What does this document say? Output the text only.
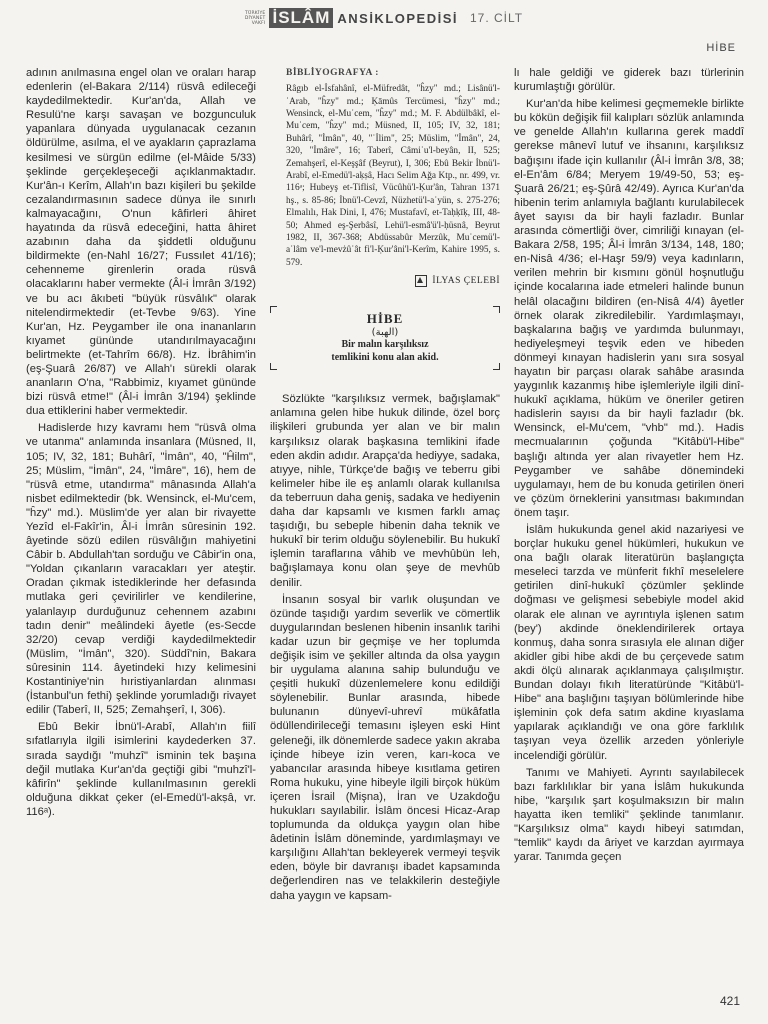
TÜRKİYE
DİYANET
VAKFI İSLÂM ANSİKLOPEDİSİ 17. CİLT
HİBE

adının anılmasına engel olan ve oraları harap edenlerin (el-Bakara 2/114) rüsvâ edileceği kaydedilmektedir. Kur'an'da, Allah ve Resulü'ne karşı savaşan ve bozgunculuk yapanlara dünyada uygulanacak cezanın öldürülme, asılma, el ve ayakların çaprazlama kesilmesi ve sürgün edilme (el-Mâide 5/33) şeklinde gerçekleşeceği açıklanmaktadır. Kur'ân-ı Kerîm, Allah'ın bazı kişileri bu şekilde cezalandırmasının sadece dünya ile sınırlı kalmayacağını, O'nun kâfirleri âhiret hayatında da rüsvâ edeceğini, hatta âhiret azabının daha da şiddetli olduğunu bildirmekte (en-Nahl 16/27; Fussılet 41/16); cehenneme girenlerin orada rüsvâ olacaklarını haber vermekte (Âl-i İmrân 3/192) ve bu acı âkıbeti "büyük rüsvâlık" olarak nitelendirmektedir (et-Tevbe 9/63). Yine Kur'an, Hz. Peygamber ile ona inananların kıyamet gününde utandırılmayacağını belirtmekte (et-Tahrîm 66/8). Hz. İbrâhim'in (eş-Şuarâ 26/87) ve Allah'ı sürekli olarak ananların O'na, "Rabbimiz, kıyamet gününde bizi rüsvâ etme!" (Âl-i İmrân 3/194) şeklinde dua ettiklerini haber vermektedir.

Hadislerde hızy kavramı hem "rüsvâ olma ve utanma" anlamında insanlara (Müsned, II, 105; IV, 32, 181; Buhârî, "İmân", 40, "Ĥilm", 25; Müslim, "İmân", 24, "İmâre", 16), hem de "rüsvâ etme, utandırma" mânasında Allah'a nisbet edilmektedir (bk. Wensinck, el-Mu'cem, "ĥzy" md.). Müslim'de yer alan bir rivayette Yezîd el-Fakîr'in, Âl-i İmrân sûresinin 192. âyetinde sözü edilen rüsvâlığın mahiyetini Câbir b. Abdullah'tan sorduğu ve Câbir'in ona, "Yoldan çıkanların varacakları yer ateştir. Oradan çıkmak istediklerinde her defasında mutlaka geri çevirilirler ve kendilerine, yalanlayıp durduğunuz cehennem azabını tadın denir" meâlindeki âyetle (es-Secde 32/20) cevap verdiği kaydedilmektedir (Müslim, "İmân", 320). Süddî'nin, Bakara sûresinin 114. âyetindeki hızy kelimesini Kostantiniye'nin hıristiyanlardan alınması (İstanbul'un fethi) şeklinde yorumladığı rivayet edilir (Taberî, II, 525; Zemahşerî, I, 306).

Ebû Bekir İbnü'l-Arabî, Allah'ın fiilî sıfatlarıyla ilgili isimlerini kaydederken 37. sırada saydığı "muhzî" isminin tek başına değil mutlaka Kur'an'da geçtiği gibi "muhzî'l-kâfirîn" şeklinde kullanılmasının gerekli olduğuna dikkat çeker (el-Emedü'l-akṣâ, vr. 116ᵃ).

BİBLİYOGRAFYA :
Râgıb el-İsfahânî, el-Müfredât, "ĥzy" md.; Lisânü'l-ʿArab, "ĥzy" md.; Ḳāmûs Tercümesi, "ĥzy" md.; Wensinck, el-Muʿcem, "ĥzy" md.; M. F. Abdülbâkî, el-Muʿcem, "ĥzy" md.; Müsned, II, 105; IV, 32, 181; Buhârî, "İmân", 40, "ʿİlim", 25; Müslim, "İmân", 24, 320, "İmâre", 16; Taberî, Câmiʿu'l-beyân, II, 525; Zemahşerî, el-Keşşâf (Beyrut), I, 306; Ebû Bekir İbnü'l-Arabî, el-Emedü'l-aḳṣâ, Hacı Selim Ağa Ktp., nr. 499, vr. 116ᵃ; Hubeyş et-Tiflisî, Vücûhü'l-Ḳur'ân, Tahran 1371 hş., s. 85-86; İbnü'l-Cevzî, Nüzhetü'l-aʿyün, s. 275-276; Elmalılı, Hak Dini, I, 476; Mustafavî, et-Taḥḳīḳ, III, 48-50; Ahmed eş-Şerbâsî, Lehü'l-esmâ'ü'l-ḥüsnâ, Beyrut 1982, II, 367-368; Abdüssabûr Merzûk, Muʿcemü'l-aʿlâm ve'l-mevżûʿât fi'l-Ḳur'âni'l-Kerîm, Kahire 1995, s. 579.
İLYAS ÇELEBİ
HİBE
(الهبة)
Bir malın karşılıksız
temlikini konu alan akid.

Sözlükte "karşılıksız vermek, bağışlamak" anlamına gelen hibe hukuk dilinde, özel borç ilişkileri grubunda yer alan ve bir malın karşılıksız olarak başkasına temlikini ifade eden akdin adıdır. Arapça'da hediyye, sadaka, atıyye, nihle, Türkçe'de bağış ve teberru gibi kelimeler hibe ile eş anlamlı olarak kullanılsa da teberruun daha geniş, sadaka ve hediyenin daha dar kapsamlı ve kısmen farklı amaç taşıdığı, bu sebeple hibenin daha teknik ve hukukî bir terim olduğu söylenebilir. Bu hukukî işlemin taraflarına vâhib ve mevhûbün leh, bağışlamaya konu olan şeye de mevhûb denilir.

İnsanın sosyal bir varlık oluşundan ve özünde taşıdığı yardım severlik ve cömertlik duygularından beslenen hibenin insanlık tarihi kadar uzun bir geçmişe ve her toplumda değişik isim ve şekiller altında da olsa yaygın bir uygulama alanına sahip bulunduğu ve çeşitli hukukî düzenlemelere konu edildiği söylenebilir. Bunlar arasında, hibede bulunanın dünyevî-uhrevî mükâfatla ödüllendirileceği temasını işleyen eski Hint geleneği, ilk dönemlerde sadece yakın akraba içinde hibeye izin veren, karı-koca ve yabancılar arasında hibeye kısıtlama getiren Roma hukuku, yine hibeyle ilgili birçok hüküm içeren İsrail (Mişna), İran ve Uzakdoğu hukukları sayılabilir. İslâm öncesi Hicaz-Arap toplumunda da oldukça yaygın olan hibe âdetinin İslâm döneminde, yardımlaşmayı ve karşılığını Allah'tan bekleyerek vermeyi teşvik eden, böyle bir davranışı ibadet kapsamında değerlendiren nas ve telakkilerin desteğiyle daha yaygın ve kapsam-

lı hale geldiği ve giderek bazı türlerinin kurumlaştığı görülür.

Kur'an'da hibe kelimesi geçmemekle birlikte bu kökün değişik fiil kalıpları sözlük anlamında ve genelde Allah'ın kullarına gerek maddî gerekse mânevî lutuf ve ihsanını, karşılıksız bağışını ifade için kullanılır (Âl-i İmrân 3/8, 38; el-En'âm 6/84; Meryem 19/49-50, 53; eş-Şuarâ 26/21; eş-Şûrâ 42/49). Ayrıca Kur'an'da hibenin terim anlamıyla bağlantı kurulabilecek âyet sayısı da bir hayli fazladır. Bunlar arasında cömertliği över, cimriliği kınayan (el-Bakara 2/58, 195; Âl-i İmrân 3/134, 148, 180; en-Nisâ 4/36; el-Haşr 59/9) veya kadınların, verilen mehrin bir kısmını gönül hoşnutluğu içinde kocalarına iade etmeleri halinde bunun helâl olacağını bildiren (en-Nisâ 4/4) âyetler örnek olarak zikredilebilir. Yardımlaşmayı, başkalarına bağış ve yardımda bulunmayı, hediyeleşmeyi teşvik eden ve hibeden dönmeyi kınayan hadislerin yanı sıra sosyal hayatın bir parçası olarak sahâbe arasında yaygınlık kazanmış hibe işlemleriyle ilgili dinî-hukukî açıklama, hüküm ve öneriler getiren hadislerin sayısı da bir hayli fazladır (bk. Wensinck, el-Mu'cem, "vhb" md.). Hadis mecmualarının çoğunda "Kitâbü'l-Hibe" başlığı altında yer alan rivayetler hem Hz. Peygamber ve sahâbe dönemindeki uygulamayı, hem de bu konuda getirilen öneri ve çözüm örneklerini yansıtması bakımından önem taşır.

İslâm hukukunda genel akid nazariyesi ve borçlar hukuku genel hükümleri, hukukun ve ona bağlı olarak literatürün başlangıçta meseleci tarzda ve münferit fıkhî meselelere getirilen dinî-hukukî çözümler şeklinde doğması ve gelişmesi sebebiyle model akid olarak ele alınan ve ayrıntıyla işlenen satım (bey') akdinde öneklendirilerek ortaya konmuş, daha sonra sırasıyla ele alınan diğer akidler gibi hibe akdi de bu çerçevede satım akdi ölçü alınarak açıklanmaya çalışılmıştır. Bundan dolayı fıkıh literatüründe "Kitâbü'l-Hibe" ana başlığını taşıyan bölümlerinde hibe işleminin çok defa satım akdine kıyaslama yapılarak açıklandığı ve ona göre farklılık taşıyan veya özellik arzeden yönleriyle incelendiği görülür.

Tanımı ve Mahiyeti. Ayrıntı sayılabilecek bazı farklılıklar bir yana İslâm hukukunda hibe, "karşılık şart koşulmaksızın bir malın hayatta iken temliki" şeklinde tanımlanır. "Karşılıksız olma" kaydı hibeyi satımdan, "temlik" kaydı da âriyet ve karzdan ayırmaya yarar. Tanımda geçen

421
